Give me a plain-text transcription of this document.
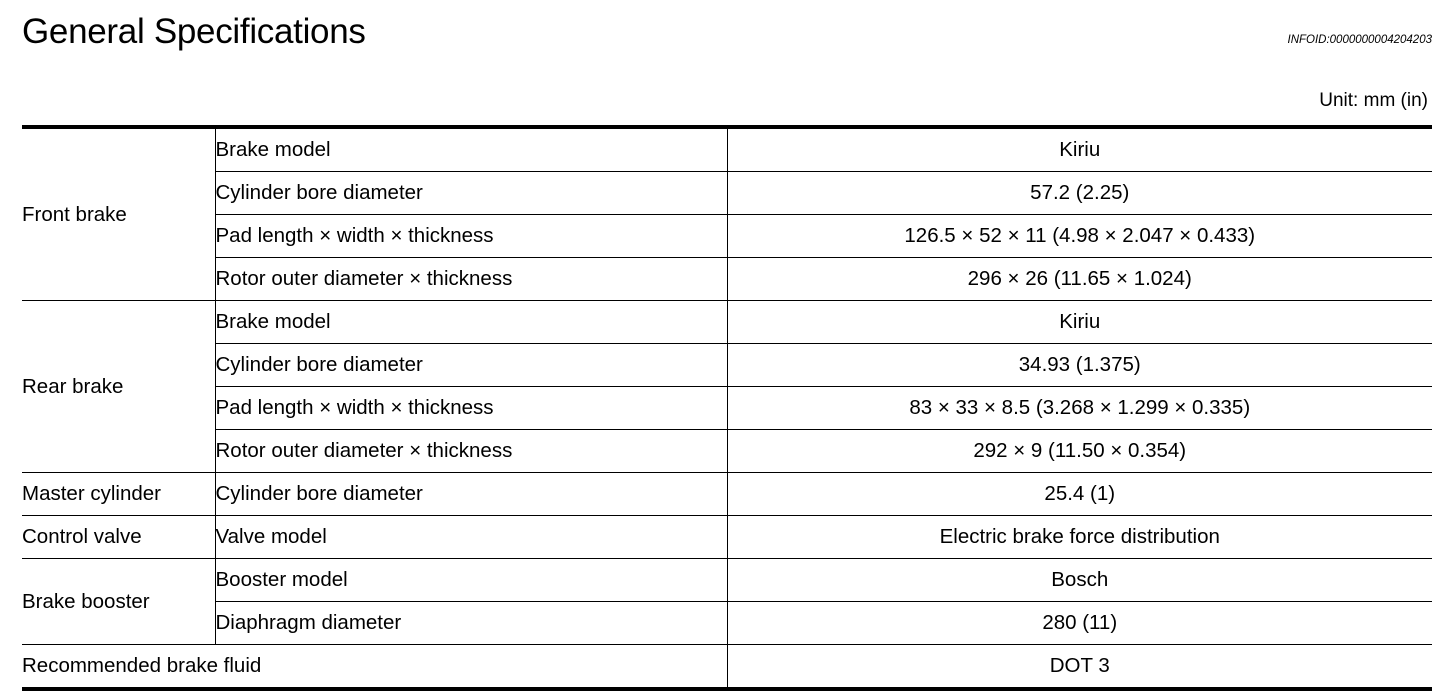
General Specifications	INFOID:0000000004204203
Unit: mm (in)
Front brake	Brake model	Kiriu
	Cylinder bore diameter	57.2 (2.25)
	Pad length × width × thickness	126.5 × 52 × 11 (4.98 × 2.047 × 0.433)
	Rotor outer diameter × thickness	296 × 26 (11.65 × 1.024)
Rear brake	Brake model	Kiriu
	Cylinder bore diameter	34.93 (1.375)
	Pad length × width × thickness	83 × 33 × 8.5 (3.268 × 1.299 × 0.335)
	Rotor outer diameter × thickness	292 × 9 (11.50 × 0.354)
Master cylinder	Cylinder bore diameter	25.4 (1)
Control valve	Valve model	Electric brake force distribution
Brake booster	Booster model	Bosch
	Diaphragm diameter	280 (11)
Recommended brake fluid		DOT 3
